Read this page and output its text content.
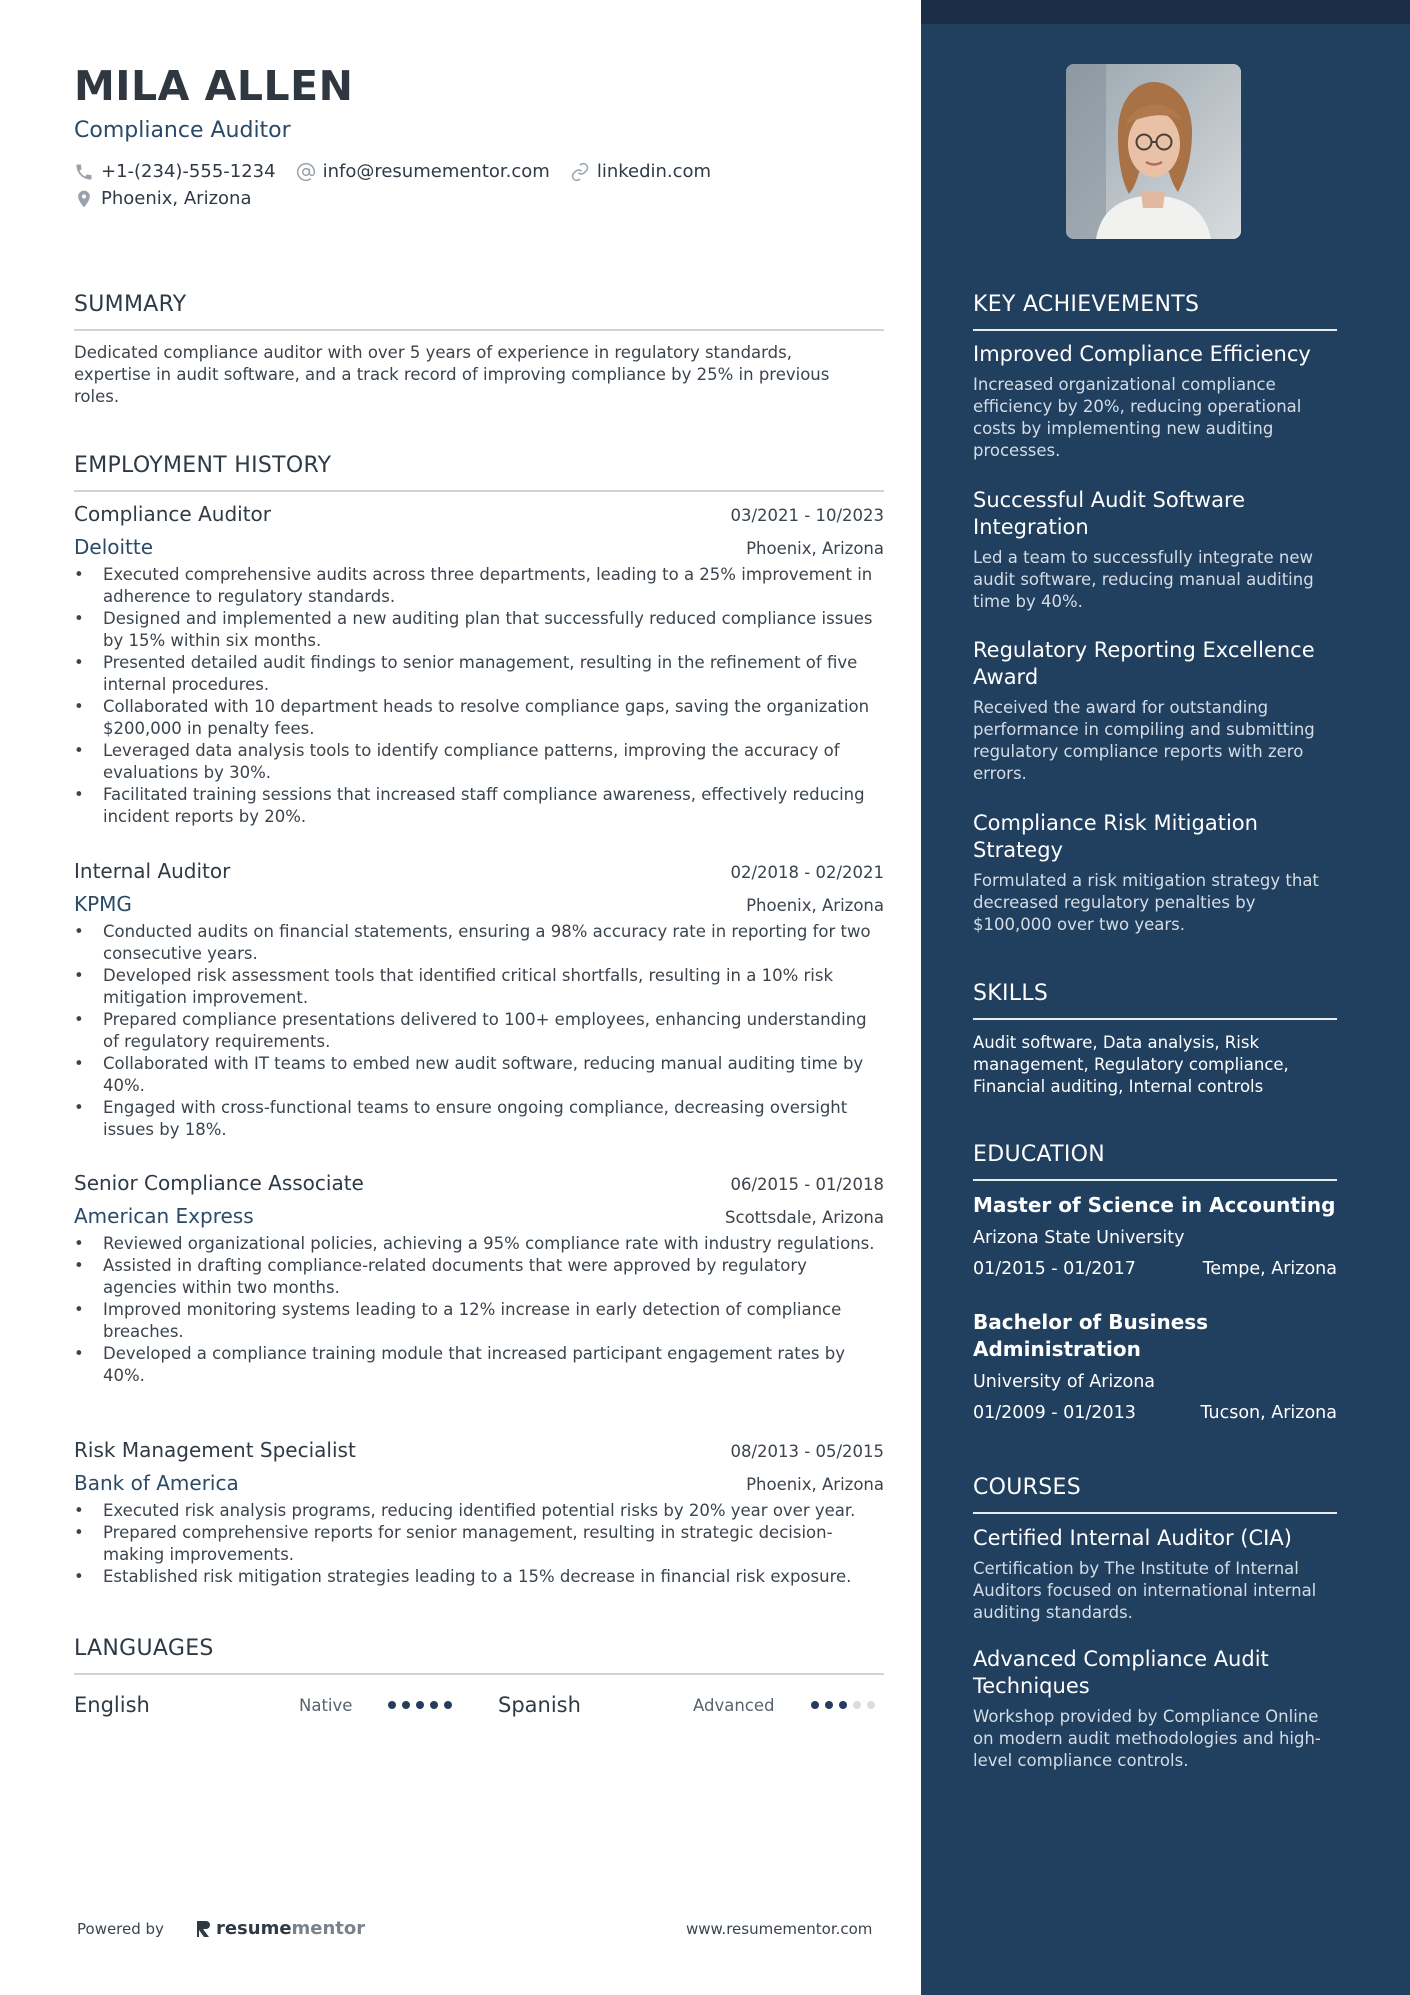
MILA ALLEN
Compliance Auditor
+1-(234)-555-1234	info@resumementor.com	linkedin.com
Phoenix, Arizona
SUMMARY
Dedicated compliance auditor with over 5 years of experience in regulatory standards, expertise in audit software, and a track record of improving compliance by 25% in previous roles.
EMPLOYMENT HISTORY
Compliance Auditor	03/2021 - 10/2023
Deloitte	Phoenix, Arizona
• Executed comprehensive audits across three departments, leading to a 25% improvement in adherence to regulatory standards.
• Designed and implemented a new auditing plan that successfully reduced compliance issues by 15% within six months.
• Presented detailed audit findings to senior management, resulting in the refinement of five internal procedures.
• Collaborated with 10 department heads to resolve compliance gaps, saving the organization $200,000 in penalty fees.
• Leveraged data analysis tools to identify compliance patterns, improving the accuracy of evaluations by 30%.
• Facilitated training sessions that increased staff compliance awareness, effectively reducing incident reports by 20%.
Internal Auditor	02/2018 - 02/2021
KPMG	Phoenix, Arizona
• Conducted audits on financial statements, ensuring a 98% accuracy rate in reporting for two consecutive years.
• Developed risk assessment tools that identified critical shortfalls, resulting in a 10% risk mitigation improvement.
• Prepared compliance presentations delivered to 100+ employees, enhancing understanding of regulatory requirements.
• Collaborated with IT teams to embed new audit software, reducing manual auditing time by 40%.
• Engaged with cross-functional teams to ensure ongoing compliance, decreasing oversight issues by 18%.
Senior Compliance Associate	06/2015 - 01/2018
American Express	Scottsdale, Arizona
• Reviewed organizational policies, achieving a 95% compliance rate with industry regulations.
• Assisted in drafting compliance-related documents that were approved by regulatory agencies within two months.
• Improved monitoring systems leading to a 12% increase in early detection of compliance breaches.
• Developed a compliance training module that increased participant engagement rates by 40%.
Risk Management Specialist	08/2013 - 05/2015
Bank of America	Phoenix, Arizona
• Executed risk analysis programs, reducing identified potential risks by 20% year over year.
• Prepared comprehensive reports for senior management, resulting in strategic decision-making improvements.
• Established risk mitigation strategies leading to a 15% decrease in financial risk exposure.
LANGUAGES
English	Native	Spanish	Advanced
Powered by	resume mentor	www.resumementor.com
KEY ACHIEVEMENTS
Improved Compliance Efficiency
Increased organizational compliance efficiency by 20%, reducing operational costs by implementing new auditing processes.
Successful Audit Software Integration
Led a team to successfully integrate new audit software, reducing manual auditing time by 40%.
Regulatory Reporting Excellence Award
Received the award for outstanding performance in compiling and submitting regulatory compliance reports with zero errors.
Compliance Risk Mitigation Strategy
Formulated a risk mitigation strategy that decreased regulatory penalties by $100,000 over two years.
SKILLS
Audit software, Data analysis, Risk management, Regulatory compliance, Financial auditing, Internal controls
EDUCATION
Master of Science in Accounting
Arizona State University
01/2015 - 01/2017	Tempe, Arizona
Bachelor of Business Administration
University of Arizona
01/2009 - 01/2013	Tucson, Arizona
COURSES
Certified Internal Auditor (CIA)
Certification by The Institute of Internal Auditors focused on international internal auditing standards.
Advanced Compliance Audit Techniques
Workshop provided by Compliance Online on modern audit methodologies and high-level compliance controls.
